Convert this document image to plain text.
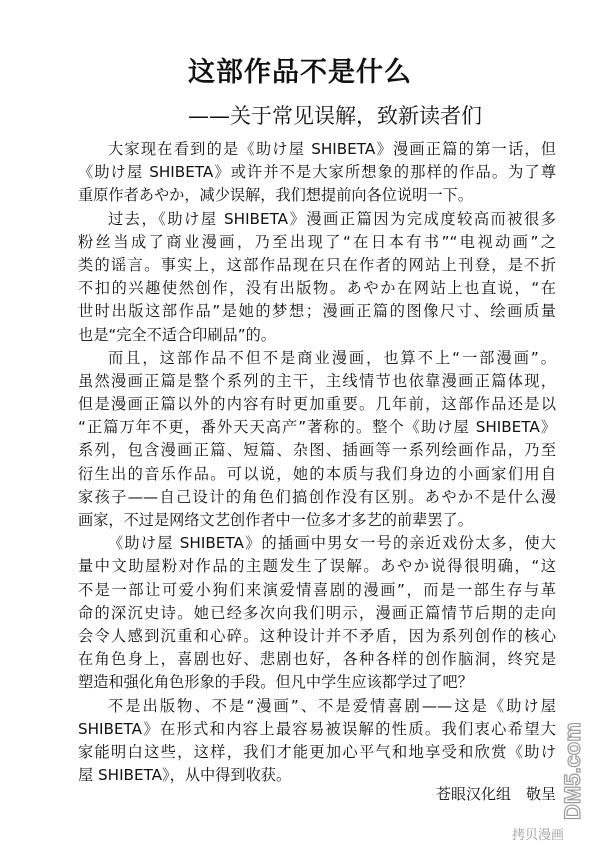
这部作品不是什么
——关于常见误解，致新读者们
大家现在看到的是《助け屋 SHIBETA》漫画正篇的第一话，但
《助け屋 SHIBETA》或许并不是大家所想象的那样的作品。为了尊
重原作者あやか，减少误解，我们想提前向各位说明一下。
过去，《助け屋 SHIBETA》漫画正篇因为完成度较高而被很多
粉丝当成了商业漫画，乃至出现了“在日本有书”“电视动画”之
类的谣言。事实上，这部作品现在只在作者的网站上刊登，是不折
不扣的兴趣使然创作，没有出版物。あやか在网站上也直说，“在
世时出版这部作品”是她的梦想；漫画正篇的图像尺寸、绘画质量
也是“完全不适合印刷品”的。
而且，这部作品不但不是商业漫画，也算不上“一部漫画”。
虽然漫画正篇是整个系列的主干，主线情节也依靠漫画正篇体现，
但是漫画正篇以外的内容有时更加重要。几年前，这部作品还是以
“正篇万年不更，番外天天高产”著称的。整个《助け屋 SHIBETA》
系列，包含漫画正篇、短篇、杂图、插画等一系列绘画作品，乃至
衍生出的音乐作品。可以说，她的本质与我们身边的小画家们用自
家孩子——自己设计的角色们搞创作没有区别。あやか不是什么漫
画家，不过是网络文艺创作者中一位多才多艺的前辈罢了。
《助け屋 SHIBETA》的插画中男女一号的亲近戏份太多，使大
量中文助屋粉对作品的主题发生了误解。あやか说得很明确，“这
不是一部让可爱小狗们来演爱情喜剧的漫画”，而是一部生存与革
命的深沉史诗。她已经多次向我们明示，漫画正篇情节后期的走向
会令人感到沉重和心碎。这种设计并不矛盾，因为系列创作的核心
在角色身上，喜剧也好、悲剧也好，各种各样的创作脑洞，终究是
塑造和强化角色形象的手段。但凡中学生应该都学过了吧？
不是出版物、不是“漫画”、不是爱情喜剧——这是《助け屋
SHIBETA》在形式和内容上最容易被误解的性质。我们衷心希望大
家能明白这些，这样，我们才能更加心平气和地享受和欣赏《助け
屋 SHIBETA》，从中得到收获。
苍眼汉化组　敬呈 DM5.com
拷贝漫画
